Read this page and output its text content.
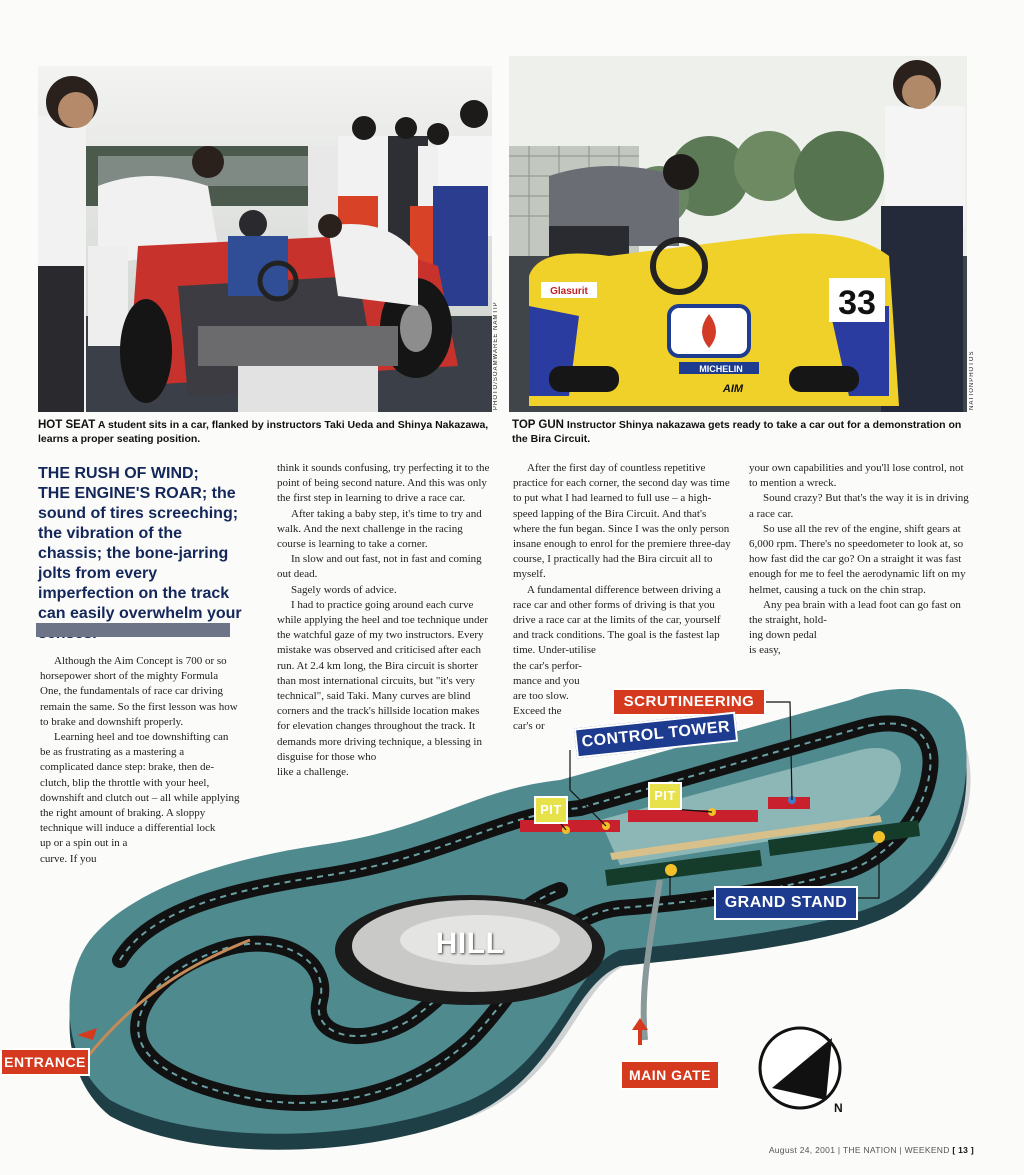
PHOTO/SOAMWAREE NAMTIP	33
Glasurit
MICHELIN
AIM	NATIONPHOTOS
HOT SEAT A student sits in a car, flanked by instructors Taki Ueda and Shinya Nakazawa, learns a proper seating position.
TOP GUN Instructor Shinya nakazawa gets ready to take a car out for a demonstration on the Bira Circuit.
THE RUSH OF WIND;
THE ENGINE'S ROAR; the sound of tires screeching; the vibration of the chassis; the bone-jarring jolts from every imperfection on the track can easily overwhelm your

Although the Aim Concept is 700 or so horsepower short of the mighty Formula One, the fundamentals of race car driving remain the same. So the first lesson was how to brake and downshift properly.

Learning heel and toe downshifting can be as frustrating as a mastering a complicated dance step: brake, then de-clutch, blip the throttle with your heel, downshift and clutch out – all while applying the right amount of braking. A sloppy technique will induce a differential lock

up or a spin out in a
curve. If you

think it sounds confusing, try perfecting it to the point of being second nature. And this was only the first step in learning to drive a race car.

After taking a baby step, it's time to try and walk. And the next challenge in the racing course is learning to take a corner.

In slow and out fast, not in fast and coming out dead.

Sagely words of advice.

I had to practice going around each curve while applying the heel and toe technique under the watchful gaze of my two instructors. Every mistake was observed and criticised after each run. At 2.4 km long, the Bira circuit is shorter than most international circuits, but "it's very technical", said Taki. Many curves are blind corners and the track's hillside location makes for elevation changes throughout the track. It demands more driving technique, a blessing in disguise for those who

like a challenge.

After the first day of countless repetitive practice for each corner, the second day was time to put what I had learned to full use – a high-speed lapping of the Bira Circuit. And that's where the fun began. Since I was the only person insane enough to enrol for the premiere three-day course, I practically had the Bira circuit all to myself.

A fundamental difference between driving a race car and other forms of driving is that you drive a race car at the limits of the car, yourself and track conditions. The goal is the fastest lap time. Under-utilise

the car's perfor-
mance and you
are too slow.
Exceed the
car's or

your own capabilities and you'll lose control, not to mention a wreck.

Sound crazy? But that's the way it is in driving a race car.

So use all the rev of the engine, shift gears at 6,000 rpm. There's no speedometer to look at, so how fast did the car go? On a straight it was fast enough for me to feel the aerodynamic lift on my helmet, causing a tuck on the chin strap.

Any pea brain with a lead foot can go fast on the straight, hold-

ing down pedal
is easy,
N
SCRUTINEERING
CONTROL TOWER
PIT
PIT
GRAND STAND
HILL
ENTRANCE
MAIN GATE
August 24, 2001 | THE NATION | WEEKEND [ 13 ]
